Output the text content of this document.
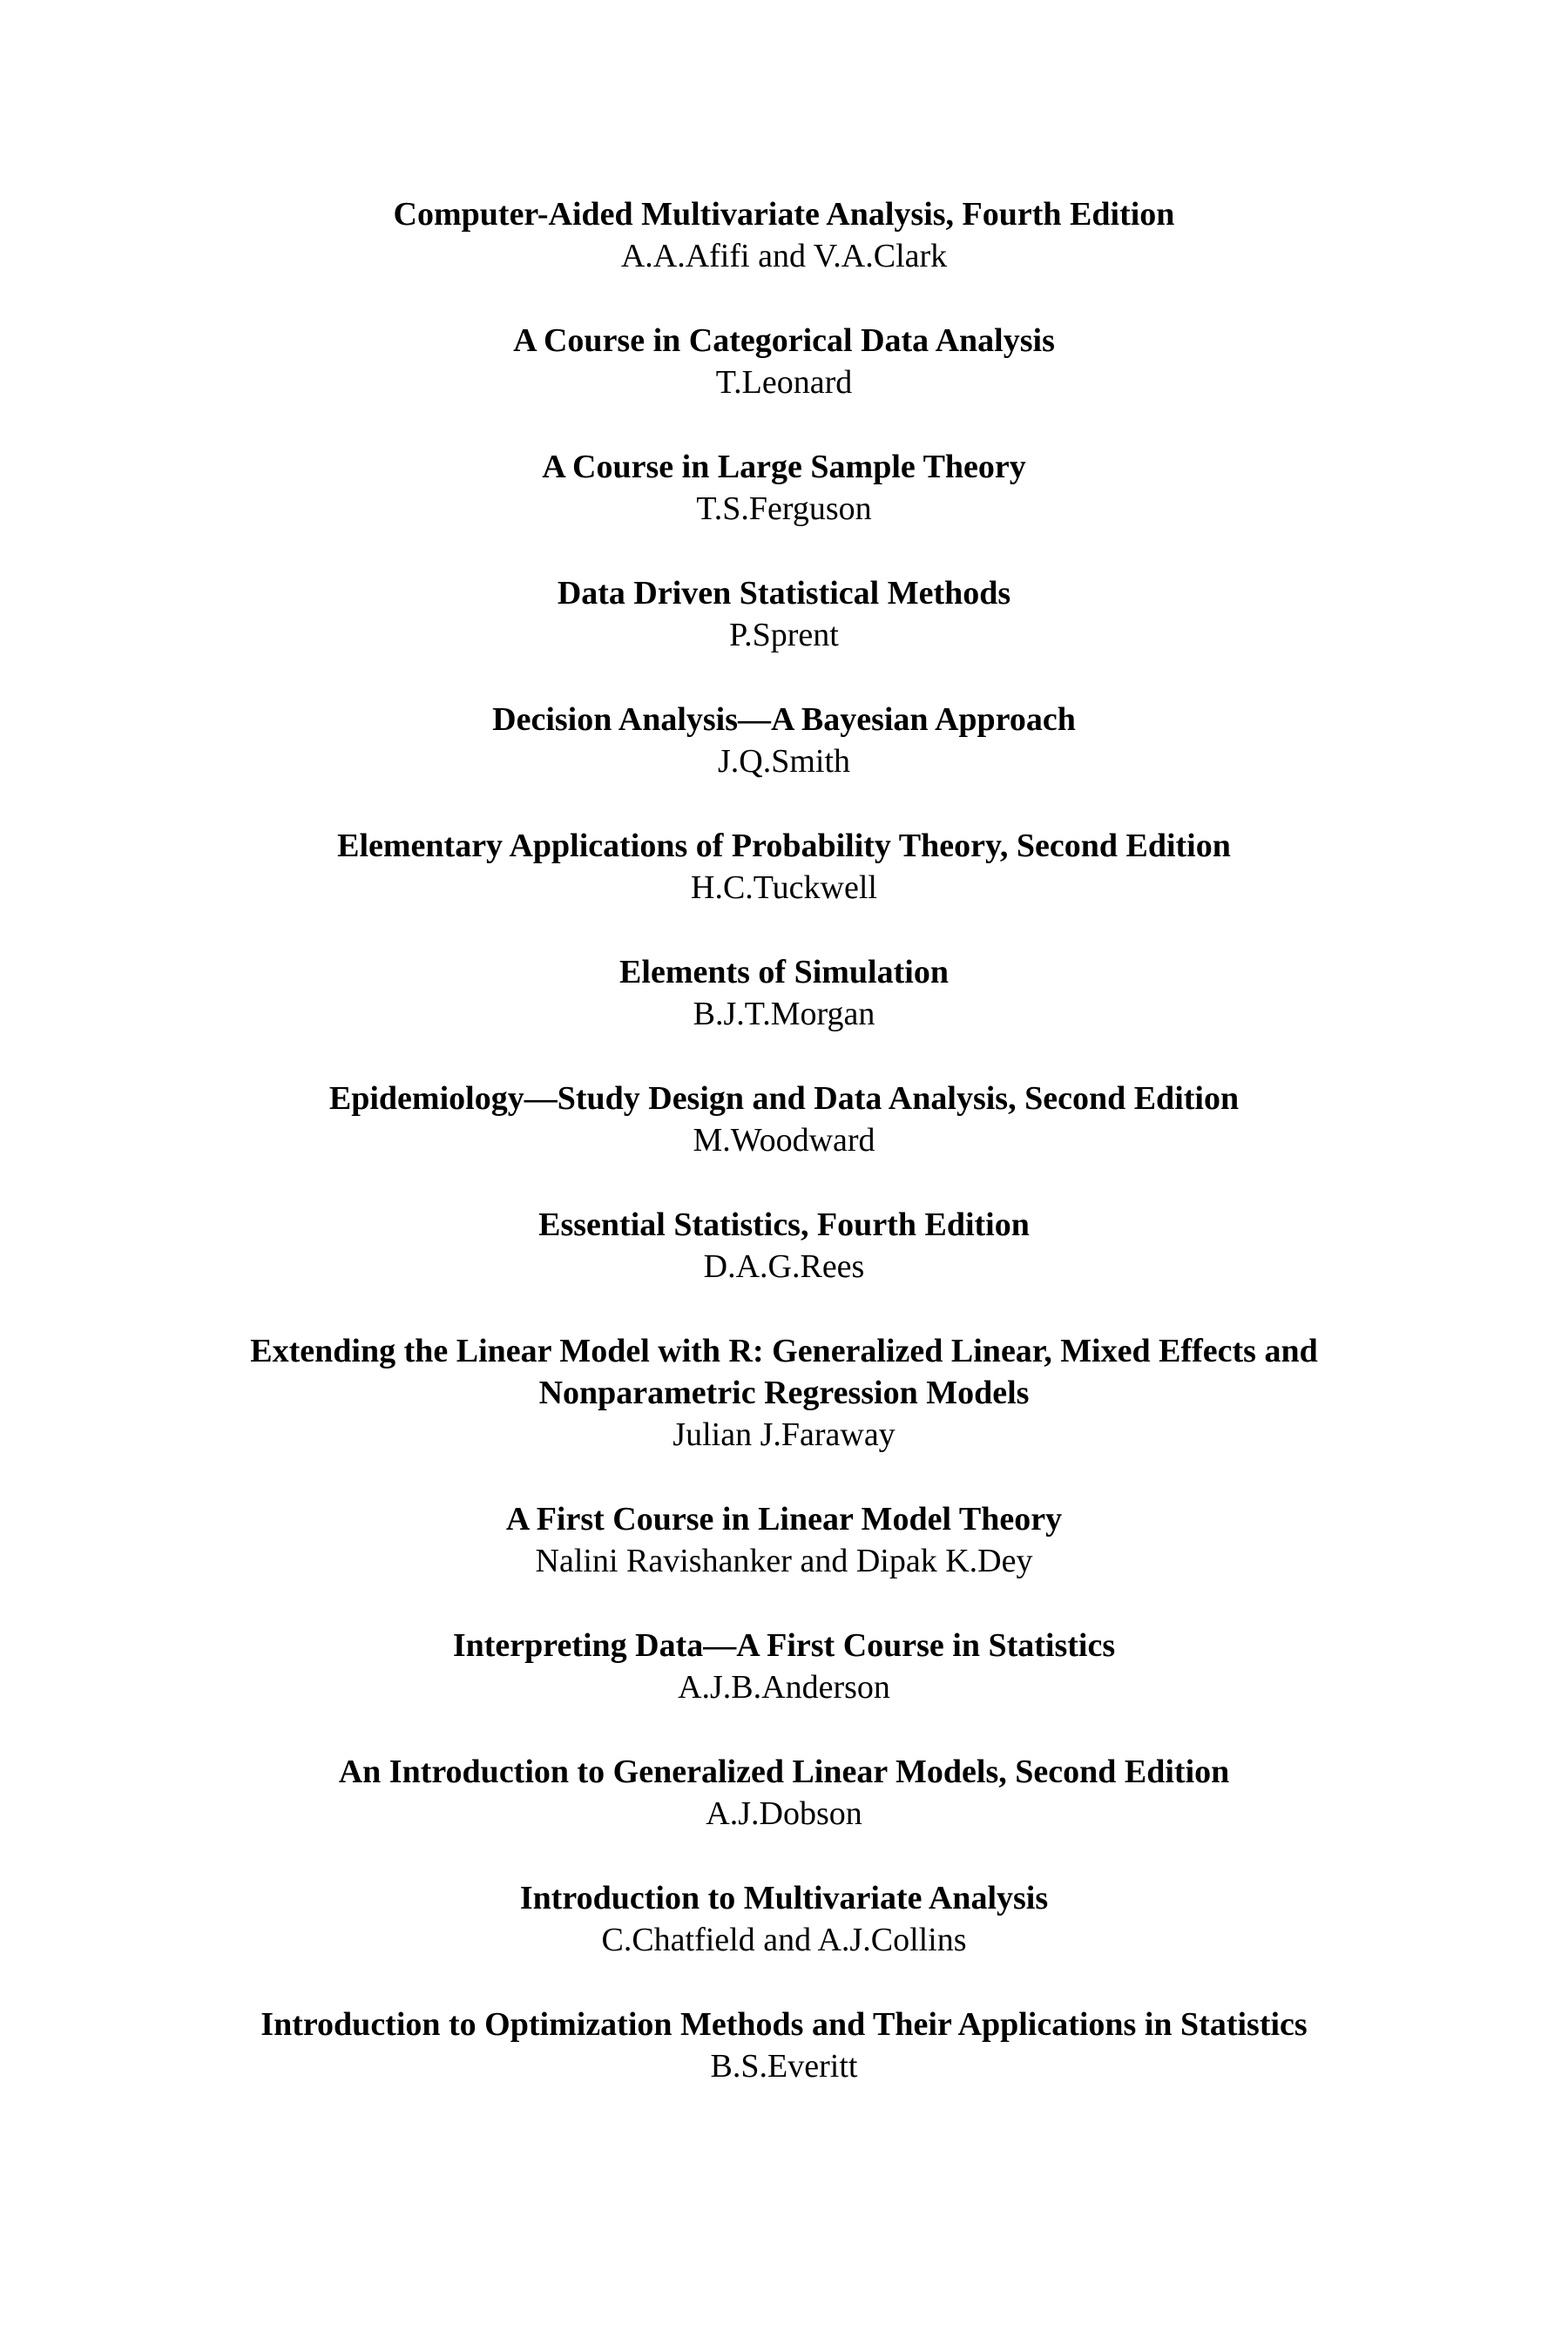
Computer-Aided Multivariate Analysis, Fourth Edition
A.A.Afifi and V.A.Clark
A Course in Categorical Data Analysis
T.Leonard
A Course in Large Sample Theory
T.S.Ferguson
Data Driven Statistical Methods
P.Sprent
Decision Analysis—A Bayesian Approach
J.Q.Smith
Elementary Applications of Probability Theory, Second Edition
H.C.Tuckwell
Elements of Simulation
B.J.T.Morgan
Epidemiology—Study Design and Data Analysis, Second Edition
M.Woodward
Essential Statistics, Fourth Edition
D.A.G.Rees
Extending the Linear Model with R: Generalized Linear, Mixed Effects and Nonparametric Regression Models
Julian J.Faraway
A First Course in Linear Model Theory
Nalini Ravishanker and Dipak K.Dey
Interpreting Data—A First Course in Statistics
A.J.B.Anderson
An Introduction to Generalized Linear Models, Second Edition
A.J.Dobson
Introduction to Multivariate Analysis
C.Chatfield and A.J.Collins
Introduction to Optimization Methods and Their Applications in Statistics
B.S.Everitt
